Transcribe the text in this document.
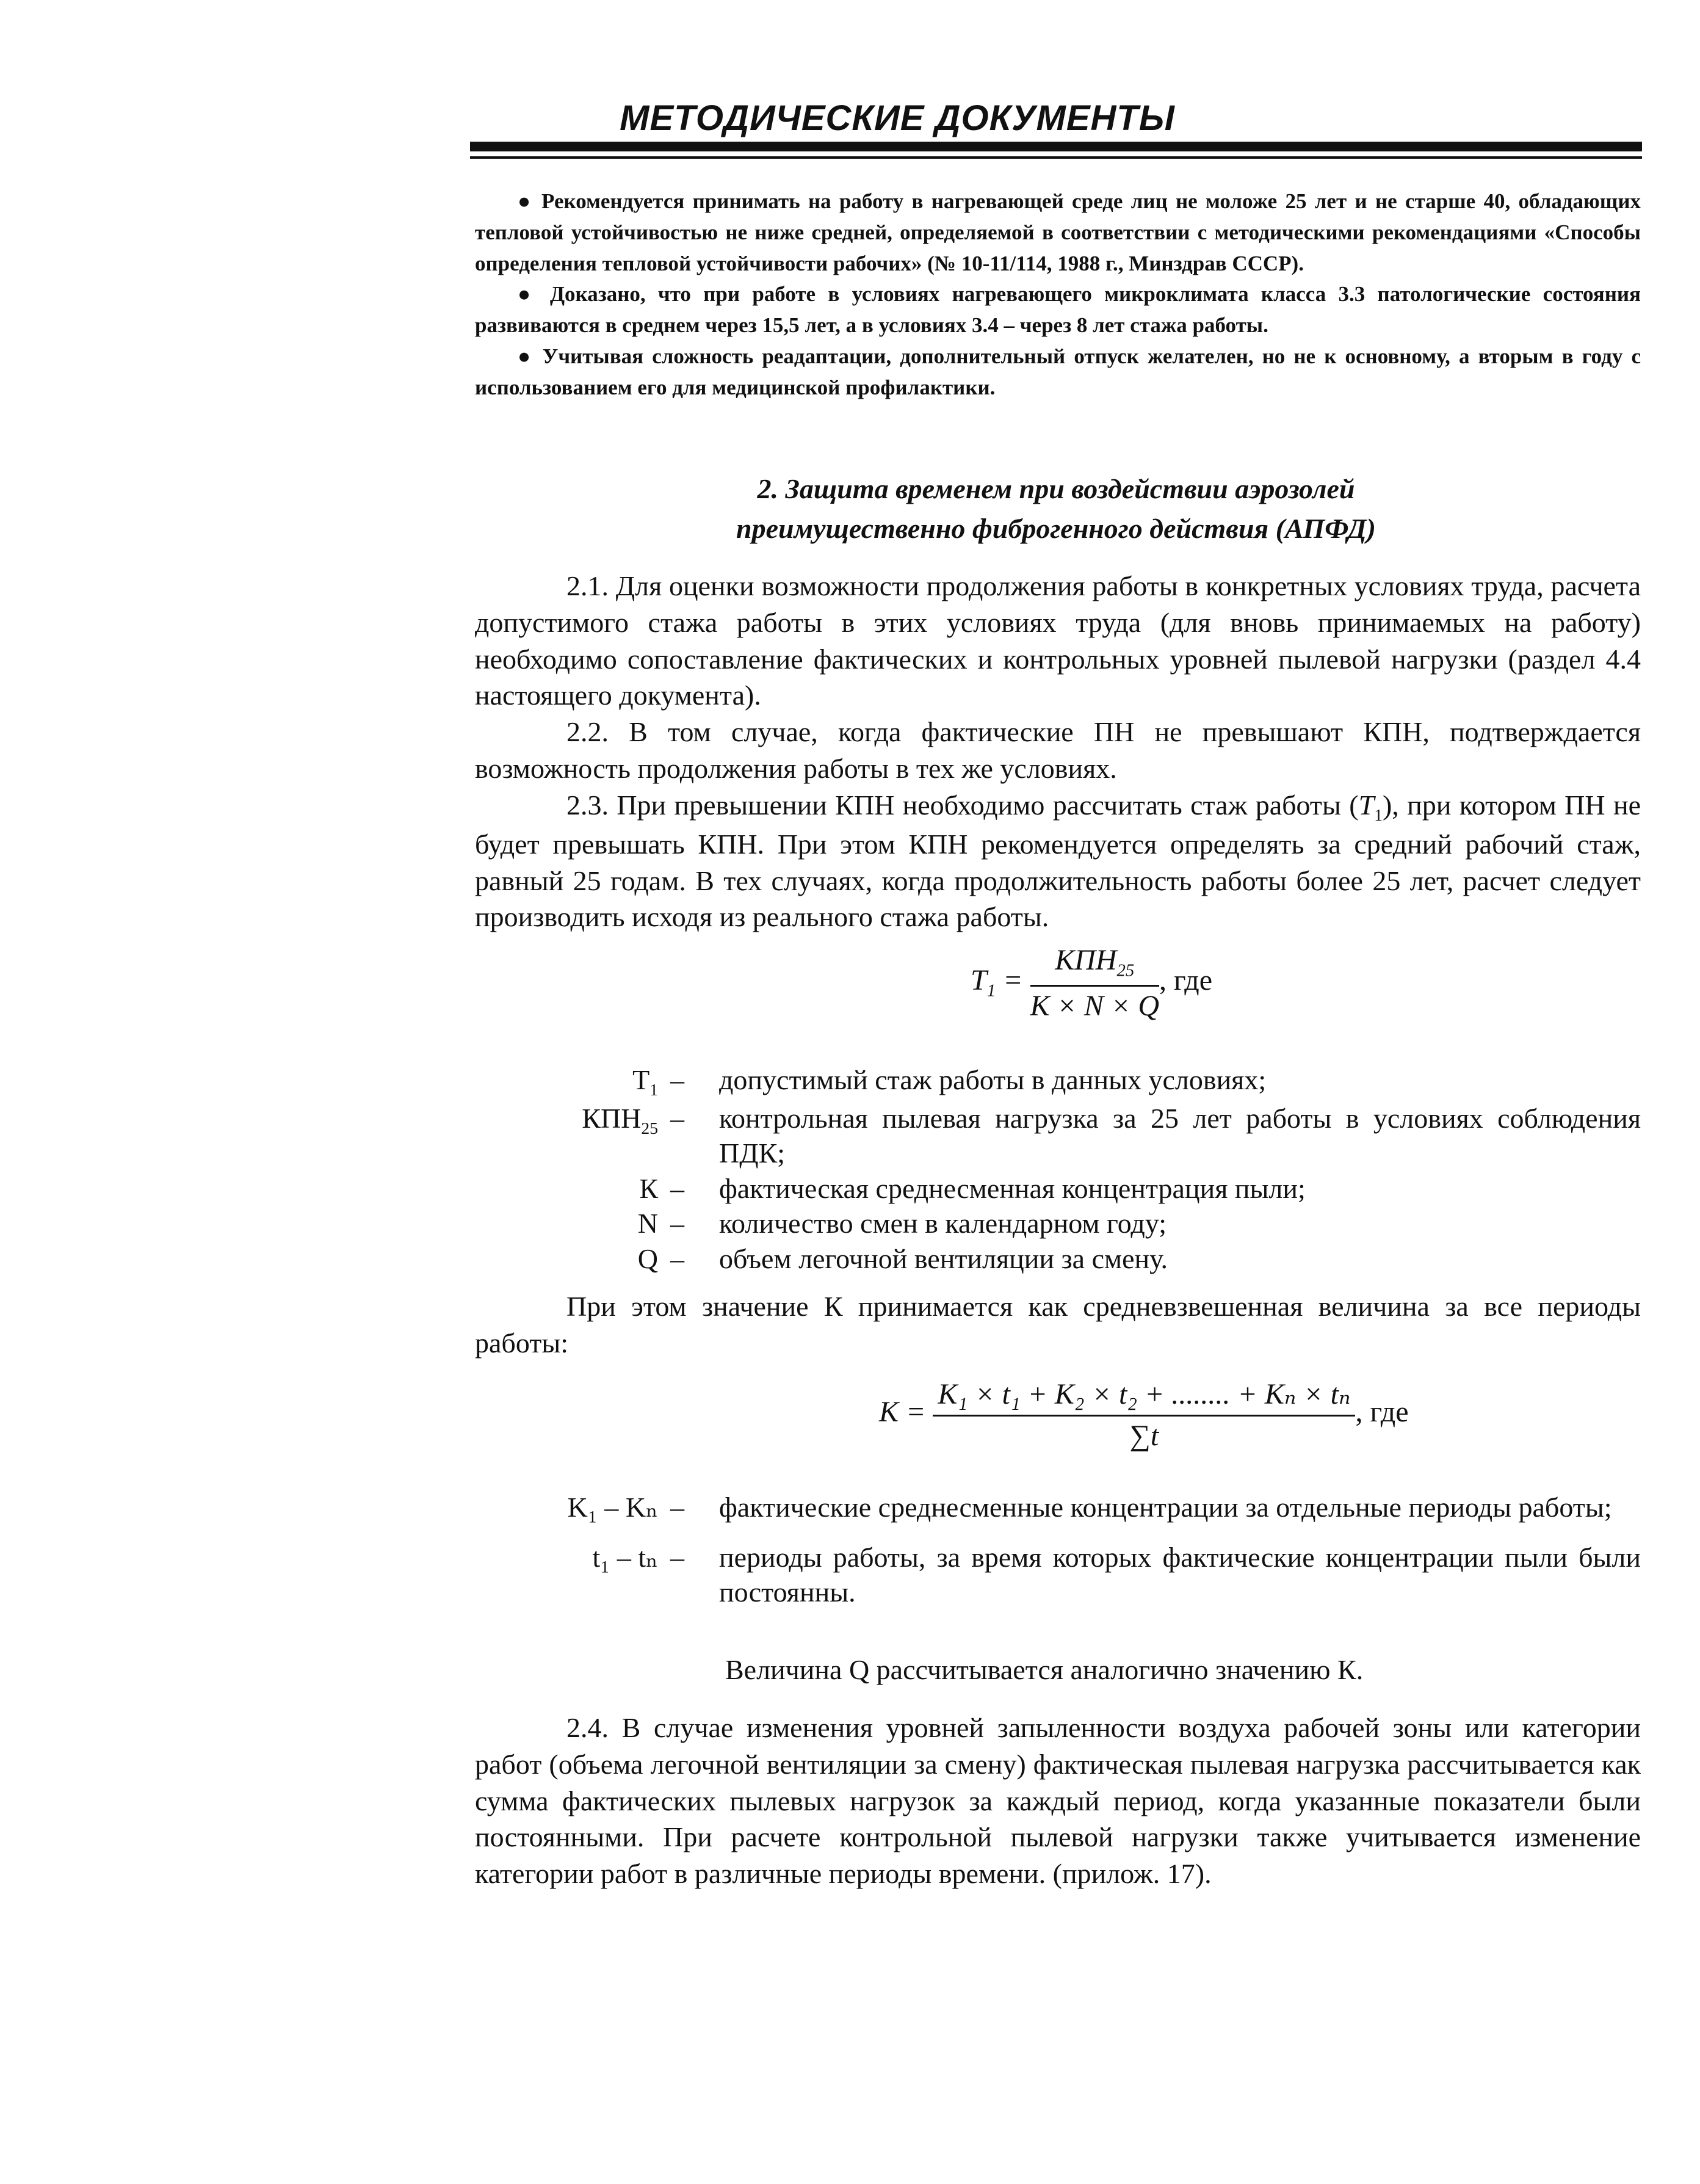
МЕТОДИЧЕСКИЕ ДОКУМЕНТЫ

● Рекомендуется принимать на работу в нагревающей среде лиц не моложе 25 лет и не старше 40, обладающих тепловой устойчивостью не ниже средней, определяемой в соответствии с методическими рекомендациями «Способы определения тепловой устойчивости рабочих» (№ 10-11/114, 1988 г., Минздрав СССР).

● Доказано, что при работе в условиях нагревающего микроклимата класса 3.3 патологические состояния развиваются в среднем через 15,5 лет, а в условиях 3.4 – через 8 лет стажа работы.

● Учитывая сложность реадаптации, дополнительный отпуск желателен, но не к основному, а вторым в году с использованием его для медицинской профилактики.

2. Защита временем при воздействии аэрозолей
преимущественно фиброгенного действия (АПФД)

2.1. Для оценки возможности продолжения работы в конкретных условиях труда, расчета допустимого стажа работы в этих условиях труда (для вновь принимаемых на работу) необходимо сопоставление фактических и контрольных уровней пылевой нагрузки (раздел 4.4 настоящего документа).

2.2. В том случае, когда фактические ПН не превышают КПН, подтверждается возможность продолжения работы в тех же условиях.

2.3. При превышении КПН необходимо рассчитать стаж работы $(T_1)$, при котором ПН не будет превышать КПН. При этом КПН рекомендуется определять за средний рабочий стаж, равный 25 годам. В тех случаях, когда продолжительность работы более 25 лет, расчет следует производить исходя из реального стажа работы.

$T_1 = \frac{КПН_{25}}{K \times N \times Q}$ , где
$T_1$ –	допустимый стаж работы в данных условиях;
$КПН_{25}$ –	контрольная пылевая нагрузка за 25 лет работы в условиях соблюдения ПДК;
К –	фактическая среднесменная концентрация пыли;
N –	количество смен в календарном году;
Q –	объем легочной вентиляции за смену.

При этом значение К принимается как средневзвешенная величина за все периоды работы:

$K = \frac{\text{K₁ × t₁ + K₂ × t₂ + ........ + Kₙ × tₙ}}{\sum t}$ , где
K₁ – Kₙ –	фактические среднесменные концентрации за отдельные периоды работы;
t₁ – tₙ –	периоды работы, за время которых фактические концентрации пыли были постоянны.

Величина Q рассчитывается аналогично значению К.

2.4. В случае изменения уровней запыленности воздуха рабочей зоны или категории работ (объема легочной вентиляции за смену) фактическая пылевая нагрузка рассчитывается как сумма фактических пылевых нагрузок за каждый период, когда указанные показатели были постоянными. При расчете контрольной пылевой нагрузки также учитывается изменение категории работ в различные периоды времени. (прилож. 17).
